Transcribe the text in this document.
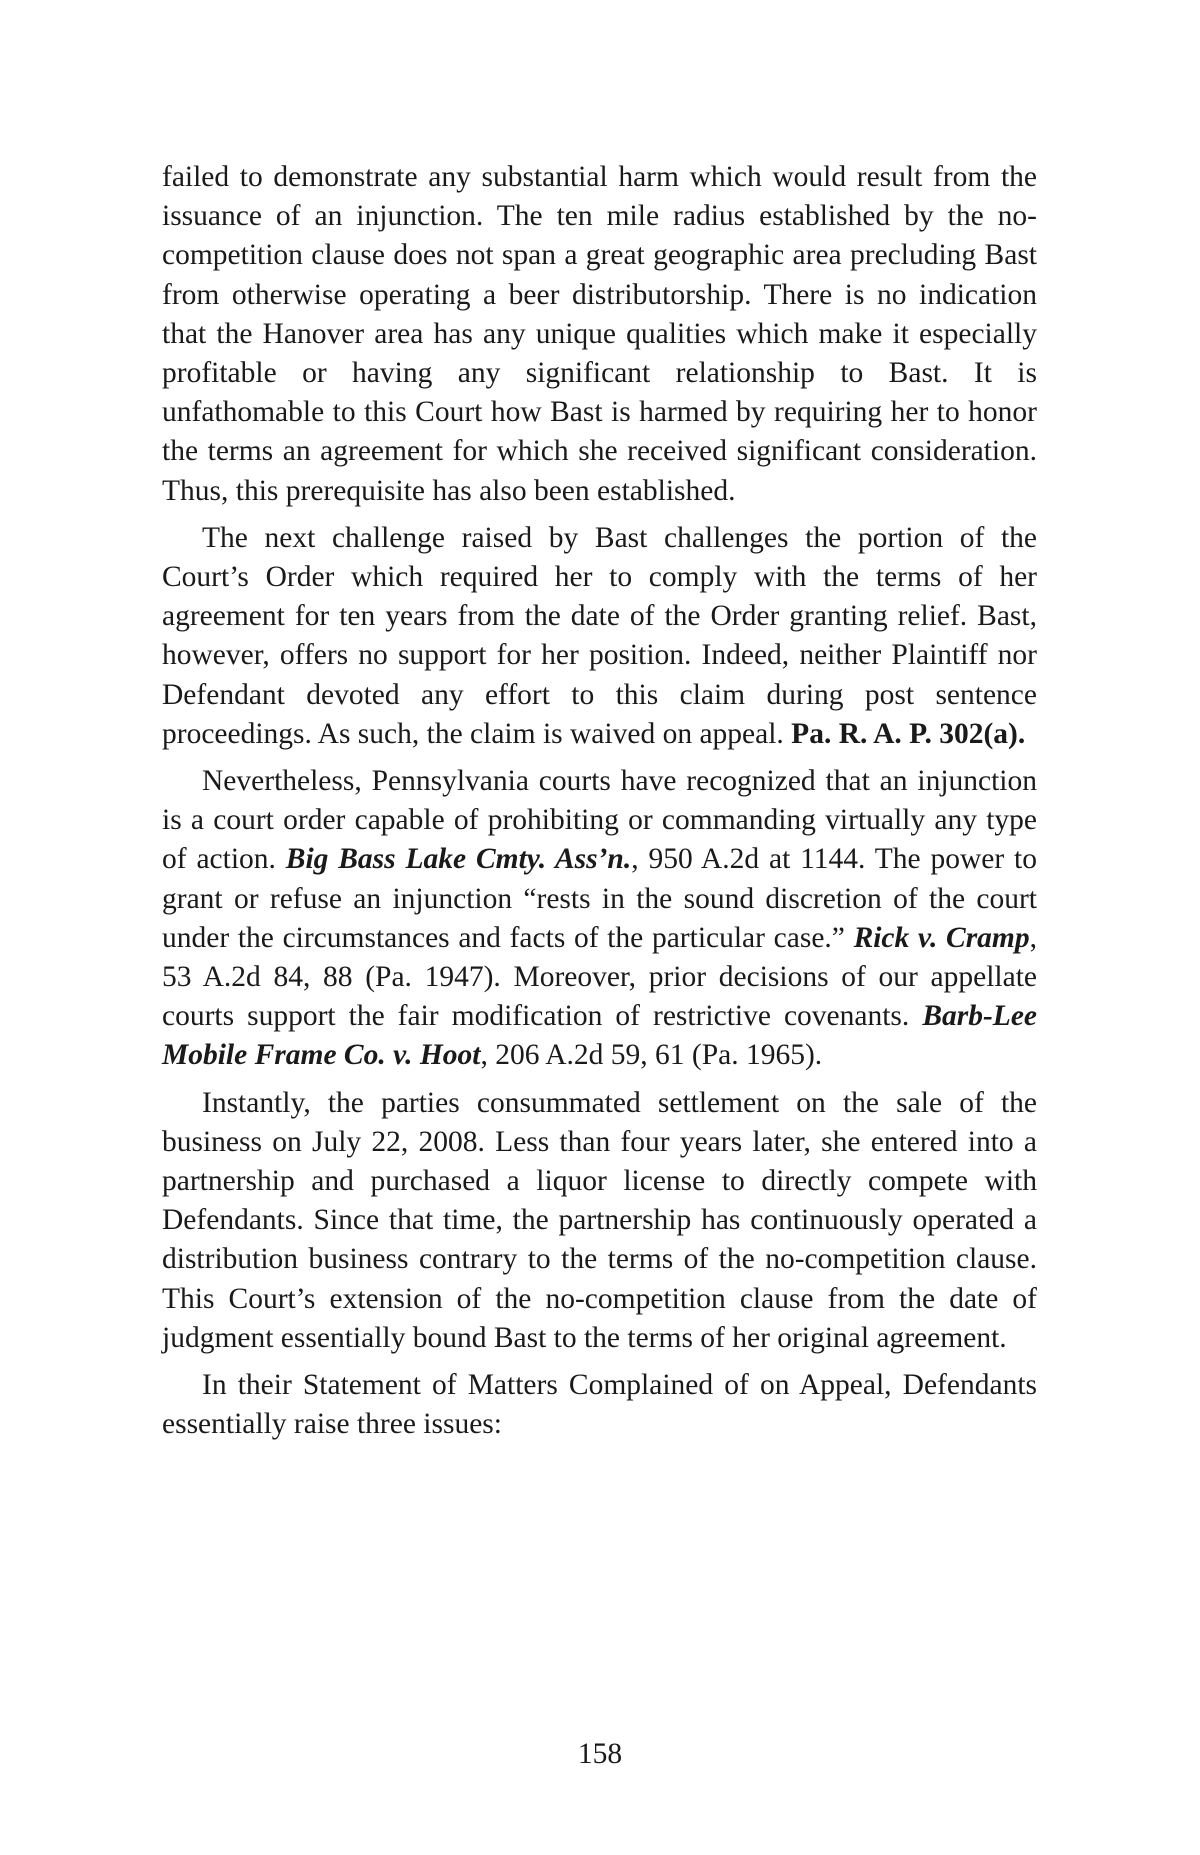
failed to demonstrate any substantial harm which would result from the issuance of an injunction. The ten mile radius established by the no-competition clause does not span a great geographic area precluding Bast from otherwise operating a beer distributorship. There is no indication that the Hanover area has any unique qualities which make it especially profitable or having any significant relationship to Bast. It is unfathomable to this Court how Bast is harmed by requiring her to honor the terms an agreement for which she received significant consideration. Thus, this prerequisite has also been established.

The next challenge raised by Bast challenges the portion of the Court’s Order which required her to comply with the terms of her agreement for ten years from the date of the Order granting relief. Bast, however, offers no support for her position. Indeed, neither Plaintiff nor Defendant devoted any effort to this claim during post sentence proceedings. As such, the claim is waived on appeal. Pa. R. A. P. 302(a).

Nevertheless, Pennsylvania courts have recognized that an injunction is a court order capable of prohibiting or commanding virtually any type of action. Big Bass Lake Cmty. Ass’n., 950 A.2d at 1144. The power to grant or refuse an injunction “rests in the sound discretion of the court under the circumstances and facts of the particular case.” Rick v. Cramp, 53 A.2d 84, 88 (Pa. 1947). Moreover, prior decisions of our appellate courts support the fair modification of restrictive covenants. Barb-Lee Mobile Frame Co. v. Hoot, 206 A.2d 59, 61 (Pa. 1965).

Instantly, the parties consummated settlement on the sale of the business on July 22, 2008. Less than four years later, she entered into a partnership and purchased a liquor license to directly compete with Defendants. Since that time, the partnership has continuously operated a distribution business contrary to the terms of the no-competition clause. This Court’s extension of the no-competition clause from the date of judgment essentially bound Bast to the terms of her original agreement.

In their Statement of Matters Complained of on Appeal, Defendants essentially raise three issues:

158
